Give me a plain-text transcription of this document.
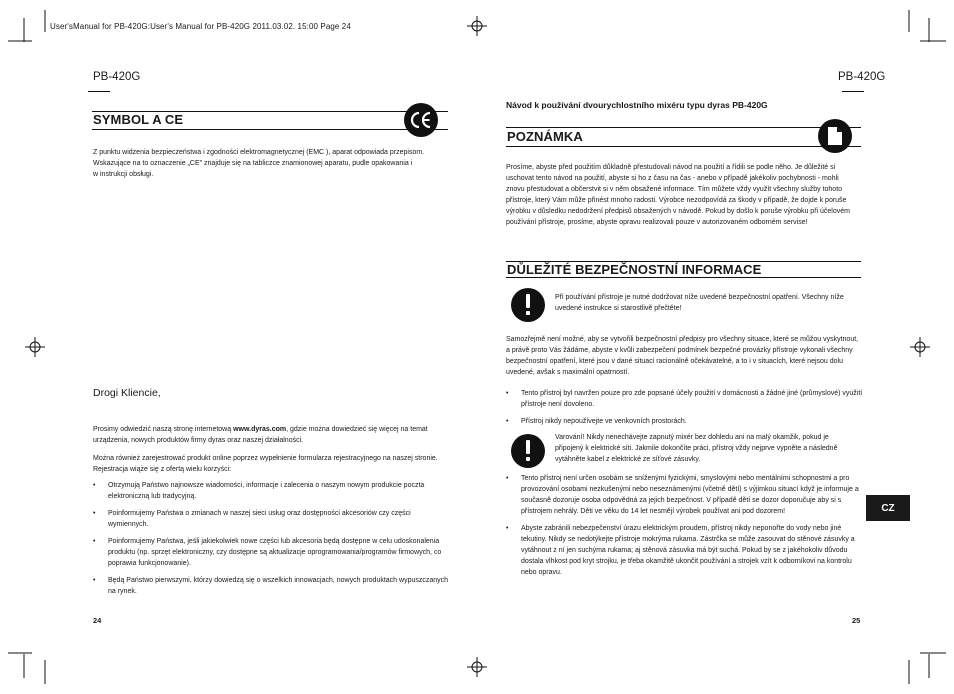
User'sManual for PB-420G:User's Manual for PB-420G 2011.03.02. 15:00 Page 24
PB-420G
SYMBOL A CE
Z punktu widzenia bezpieczeństwa i zgodności elektromagnetycznej (EMC ), aparat odpowiada przepisom.
Wskazujące na to oznaczenie „CE" znajduje się na tabliczce znamionowej aparatu, pudle opakowania i
w instrukcji obsługi.
Drogi Kliencie,
Prosimy odwiedzić naszą stronę internetową www.dyras.com, gdzie można dowiedzieć się więcej na temat
urządzenia, nowych produktów firmy dyras oraz naszej działalności.
Można również zarejestrować produkt online poprzez wypełnienie formularza rejestracyjnego na naszej stronie.
Rejestracja wiąże się z ofertą wielu korzyści:
• Otrzymują Państwo najnowsze wiadomości, informacje i zalecenia o naszym nowym produkcie poczta elektroniczną lub tradycyjną.
• Poinformujemy Państwa o zmianach w naszej sieci usług oraz dostępności akcesoriów czy części wymiennych.
• Poinformujemy Państwa, jeśli jakiekolwiek nowe części lub akcesoria będą dostępne w celu udoskonalenia produktu (np. sprzęt elektroniczny, czy dostępne są aktualizacje oprogramowania/programów firmowych, co poprawia funkcjonowanie).
• Będą Państwo pierwszymi, którzy dowiedzą się o wszelkich innowacjach, nowych produktach wypuszczanych na rynek.
24
PB-420G
Návod k používání dvourychlostního mixéru typu dyras PB-420G
POZNÁMKA
Prosíme, abyste před použitím důkladně přestudovali návod na použití a řídili se podle něho. Je důležité si uschovat tento návod na použití, abyste si ho z času na čas - anebo v případě jakékoliv pochybnosti - mohli znovu přestudovat a občerstvit si v něm obsažené informace. Tím můžete vždy využít všechny služby tohoto přístroje, který Vám může přinést mnoho radosti. Výrobce nezodpovídá za škody v případě, že dojde k poruše výrobku v důsledku nedodržení předpisů obsažených v návodě. Pokud by došlo k poruše výrobku při účelovém používání přístroje, prosíme, abyste opravu realizovali pouze v autorizovaném odborném servise!
DŮLEŽITÉ BEZPEČNOSTNÍ INFORMACE
Při používání přístroje je nutné dodržovat níže uvedené bezpečnostní opatření. Všechny níže uvedené instrukce si starostlivě přečtěte!
Samozřejmě není možné, aby se vytvořili bezpečnostní předpisy pro všechny situace, které se můžou vyskytnout, a právě proto Vás žádáme, abyste v kvůli zabezpečení podmínek bezpečné provázky přístroje vykonali všechny bezpečnostní opatření, které jsou v dané situaci racionálně očekávatelné, a to i v situacích, které nejsou dolu uvedené, avšak s maximální opatrností.
• Tento přístroj byl navržen pouze pro zde popsané účely použití v domácnosti a žádné jiné (průmyslové) využití přístroje není dovoleno.
• Přístroj nikdy nepoužívejte ve venkovních prostorách.
Varování! Nikdy nenechávejte zapnutý mixér bez dohledu ani na malý okamžik, pokud je připojený k elektrické síti. Jakmile dokončíte práci, přístroj vždy nejprve vypněte a následně vytáhněte kabel z elektrické ze síťové zásuvky.
• Tento přístroj není určen osobám se sníženými fyzickými, smyslovými nebo mentálními schopnostmi a pro provozování osobami nezkušenými nebo neseznámenými (včetně dětí) s výjimkou situací když je informuje a současně dozoruje osoba odpovědná za jejich bezpečnost. V případě dětí se dozor doporučuje aby si s přístrojem nehrály. Děti ve věku do 14 let nesmějí výrobek používat ani pod dozorem!
• Abyste zabránili nebezpečenství úrazu elektrickým proudem, přístroj nikdy neponořte do vody nebo jiné tekutiny. Nikdy se nedotýkejte přístroje mokrýma rukama. Zástrčka se může zasouvat do stěnové zásuvky a vytáhnout z ní jen suchýma rukama; aj stěnová zásuvka má být suchá. Pokud by se z jakéhokoliv důvodu dostala vlhkost pod kryt strojku, je třeba okamžitě ukončit používání a strojek vzít k odborníkovi na kontrolu nebo opravu.
CZ
25
